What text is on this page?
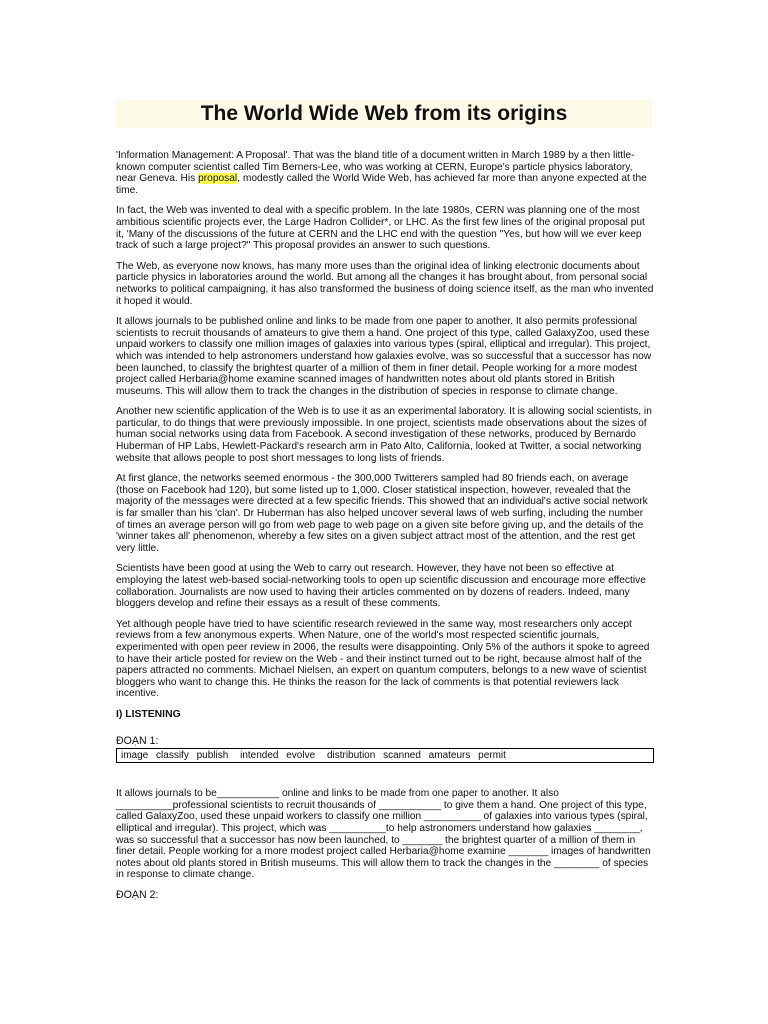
The World Wide Web from its origins

'Information Management: A Proposal'. That was the bland title of a document written in March 1989 by a then little- known computer scientist called Tim Berners-Lee, who was working at CERN, Europe's particle physics laboratory, near Geneva. His proposal, modestly called the World Wide Web, has achieved far more than anyone expected at the time.

In fact, the Web was invented to deal with a specific problem. In the late 1980s, CERN was planning one of the most ambitious scientific projects ever, the Large Hadron Collider*, or LHC. As the first few lines of the original proposal put it, 'Many of the discussions of the future at CERN and the LHC end with the question "Yes, but how will we ever keep track of such a large project?" This proposal provides an answer to such questions.

The Web, as everyone now knows, has many more uses than the original idea of linking electronic documents about particle physics in laboratories around the world. But among all the changes it has brought about, from personal social networks to political campaigning, it has also transformed the business of doing science itself, as the man who invented it hoped it would.

It allows journals to be published online and links to be made from one paper to another. It also permits professional scientists to recruit thousands of amateurs to give them a hand. One project of this type, called GalaxyZoo, used these unpaid workers to classify one million images of galaxies into various types (spiral, elliptical and irregular). This project, which was intended to help astronomers understand how galaxies evolve, was so successful that a successor has now been launched, to classify the brightest quarter of a million of them in finer detail. People working for a more modest project called Herbaria@home examine scanned images of handwritten notes about old plants stored in British museums. This will allow them to track the changes in the distribution of species in response to climate change.

Another new scientific application of the Web is to use it as an experimental laboratory. It is allowing social scientists, in particular, to do things that were previously impossible. In one project, scientists made observations about the sizes of human social networks using data from Facebook. A second investigation of these networks, produced by Bernardo Huberman of HP Labs, Hewlett-Packard's research arm in Pato Alto, California, looked at Twitter, a social networking website that allows people to post short messages to long lists of friends.

At first glance, the networks seemed enormous - the 300,000 Twitterers sampled had 80 friends each, on average (those on Facebook had 120), but some listed up to 1,000. Closer statistical inspection, however, revealed that the majority of the messages were directed at a few specific friends. This showed that an individual's active social network is far smaller than his 'clan'. Dr Huberman has also helped uncover several laws of web surfing, including the number of times an average person will go from web page to web page on a given site before giving up, and the details of the 'winner takes all' phenomenon, whereby a few sites on a given subject attract most of the attention, and the rest get very little.

Scientists have been good at using the Web to carry out research. However, they have not been so effective at employing the latest web-based social-networking tools to open up scientific discussion and encourage more effective collaboration. Journalists are now used to having their articles commented on by dozens of readers. Indeed, many bloggers develop and refine their essays as a result of these comments.

Yet although people have tried to have scientific research reviewed in the same way, most researchers only accept reviews from a few anonymous experts. When Nature, one of the world's most respected scientific journals, experimented with open peer review in 2006, the results were disappointing. Only 5% of the authors it spoke to agreed to have their article posted for review on the Web - and their instinct turned out to be right, because almost half of the papers attracted no comments. Michael Nielsen, an expert on quantum computers, belongs to a new wave of scientist bloggers who want to change this. He thinks the reason for the lack of comments is that potential reviewers lack incentive.

I) LISTENING

ĐOẠN 1:

image classify publish intended evolve distribution scanned amateurs permit

It allows journals to be___________ online and links to be made from one paper to another. It also __________professional scientists to recruit thousands of ___________ to give them a hand. One project of this type, called GalaxyZoo, used these unpaid workers to classify one million __________ of galaxies into various types (spiral, elliptical and irregular). This project, which was __________to help astronomers understand how galaxies ________, was so successful that a successor has now been launched, to _______ the brightest quarter of a million of them in finer detail. People working for a more modest project called Herbaria@home examine _______ images of handwritten notes about old plants stored in British museums. This will allow them to track the changes in the ________ of species in response to climate change.

ĐOẠN 2:
